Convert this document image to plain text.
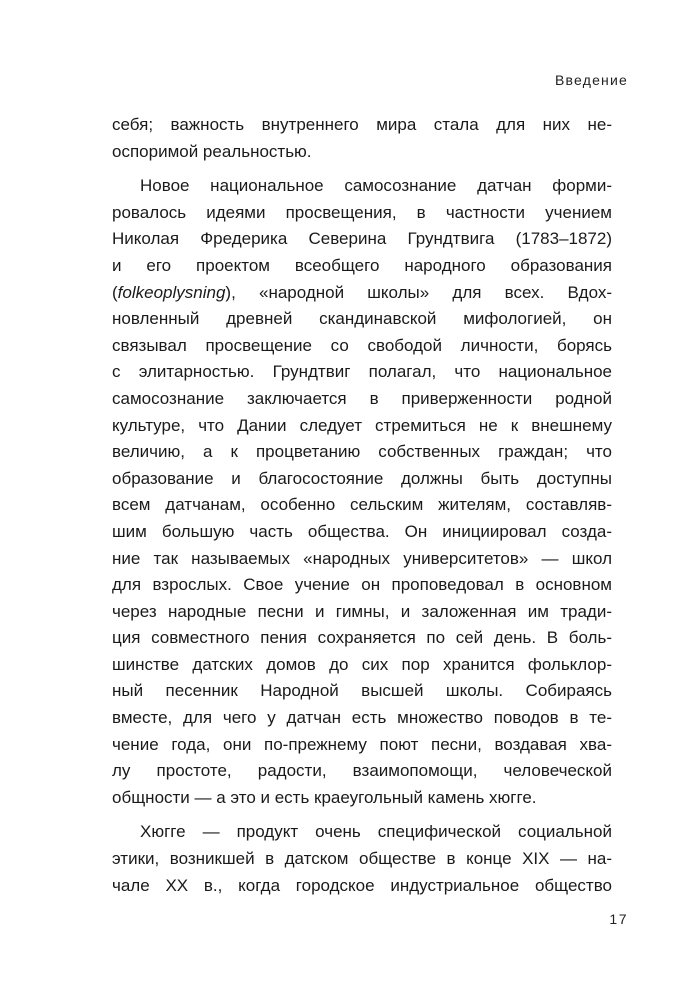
Введение
себя; важность внутреннего мира стала для них не-
оспоримой реальностью.
Новое национальное самосознание датчан форми-
ровалось идеями просвещения, в частности учением
Николая Фредерика Северина Грундтвига (1783–1872)
и его проектом всеобщего народного образования
(folkeoplysning), «народной школы» для всех. Вдох-
новленный древней скандинавской мифологией, он
связывал просвещение со свободой личности, борясь
с элитарностью. Грундтвиг полагал, что национальное
самосознание заключается в приверженности родной
культуре, что Дании следует стремиться не к внешнему
величию, а к процветанию собственных граждан; что
образование и благосостояние должны быть доступны
всем датчанам, особенно сельским жителям, составляв-
шим большую часть общества. Он инициировал созда-
ние так называемых «народных университетов» — школ
для взрослых. Свое учение он проповедовал в основном
через народные песни и гимны, и заложенная им тради-
ция совместного пения сохраняется по сей день. В боль-
шинстве датских домов до сих пор хранится фольклор-
ный песенник Народной высшей школы. Собираясь
вместе, для чего у датчан есть множество поводов в те-
чение года, они по-прежнему поют песни, воздавая хва-
лу простоте, радости, взаимопомощи, человеческой
общности — а это и есть краеугольный камень хюгге.
Хюгге — продукт очень специфической социальной
этики, возникшей в датском обществе в конце XIX — на-
чале XX в., когда городское индустриальное общество
17
